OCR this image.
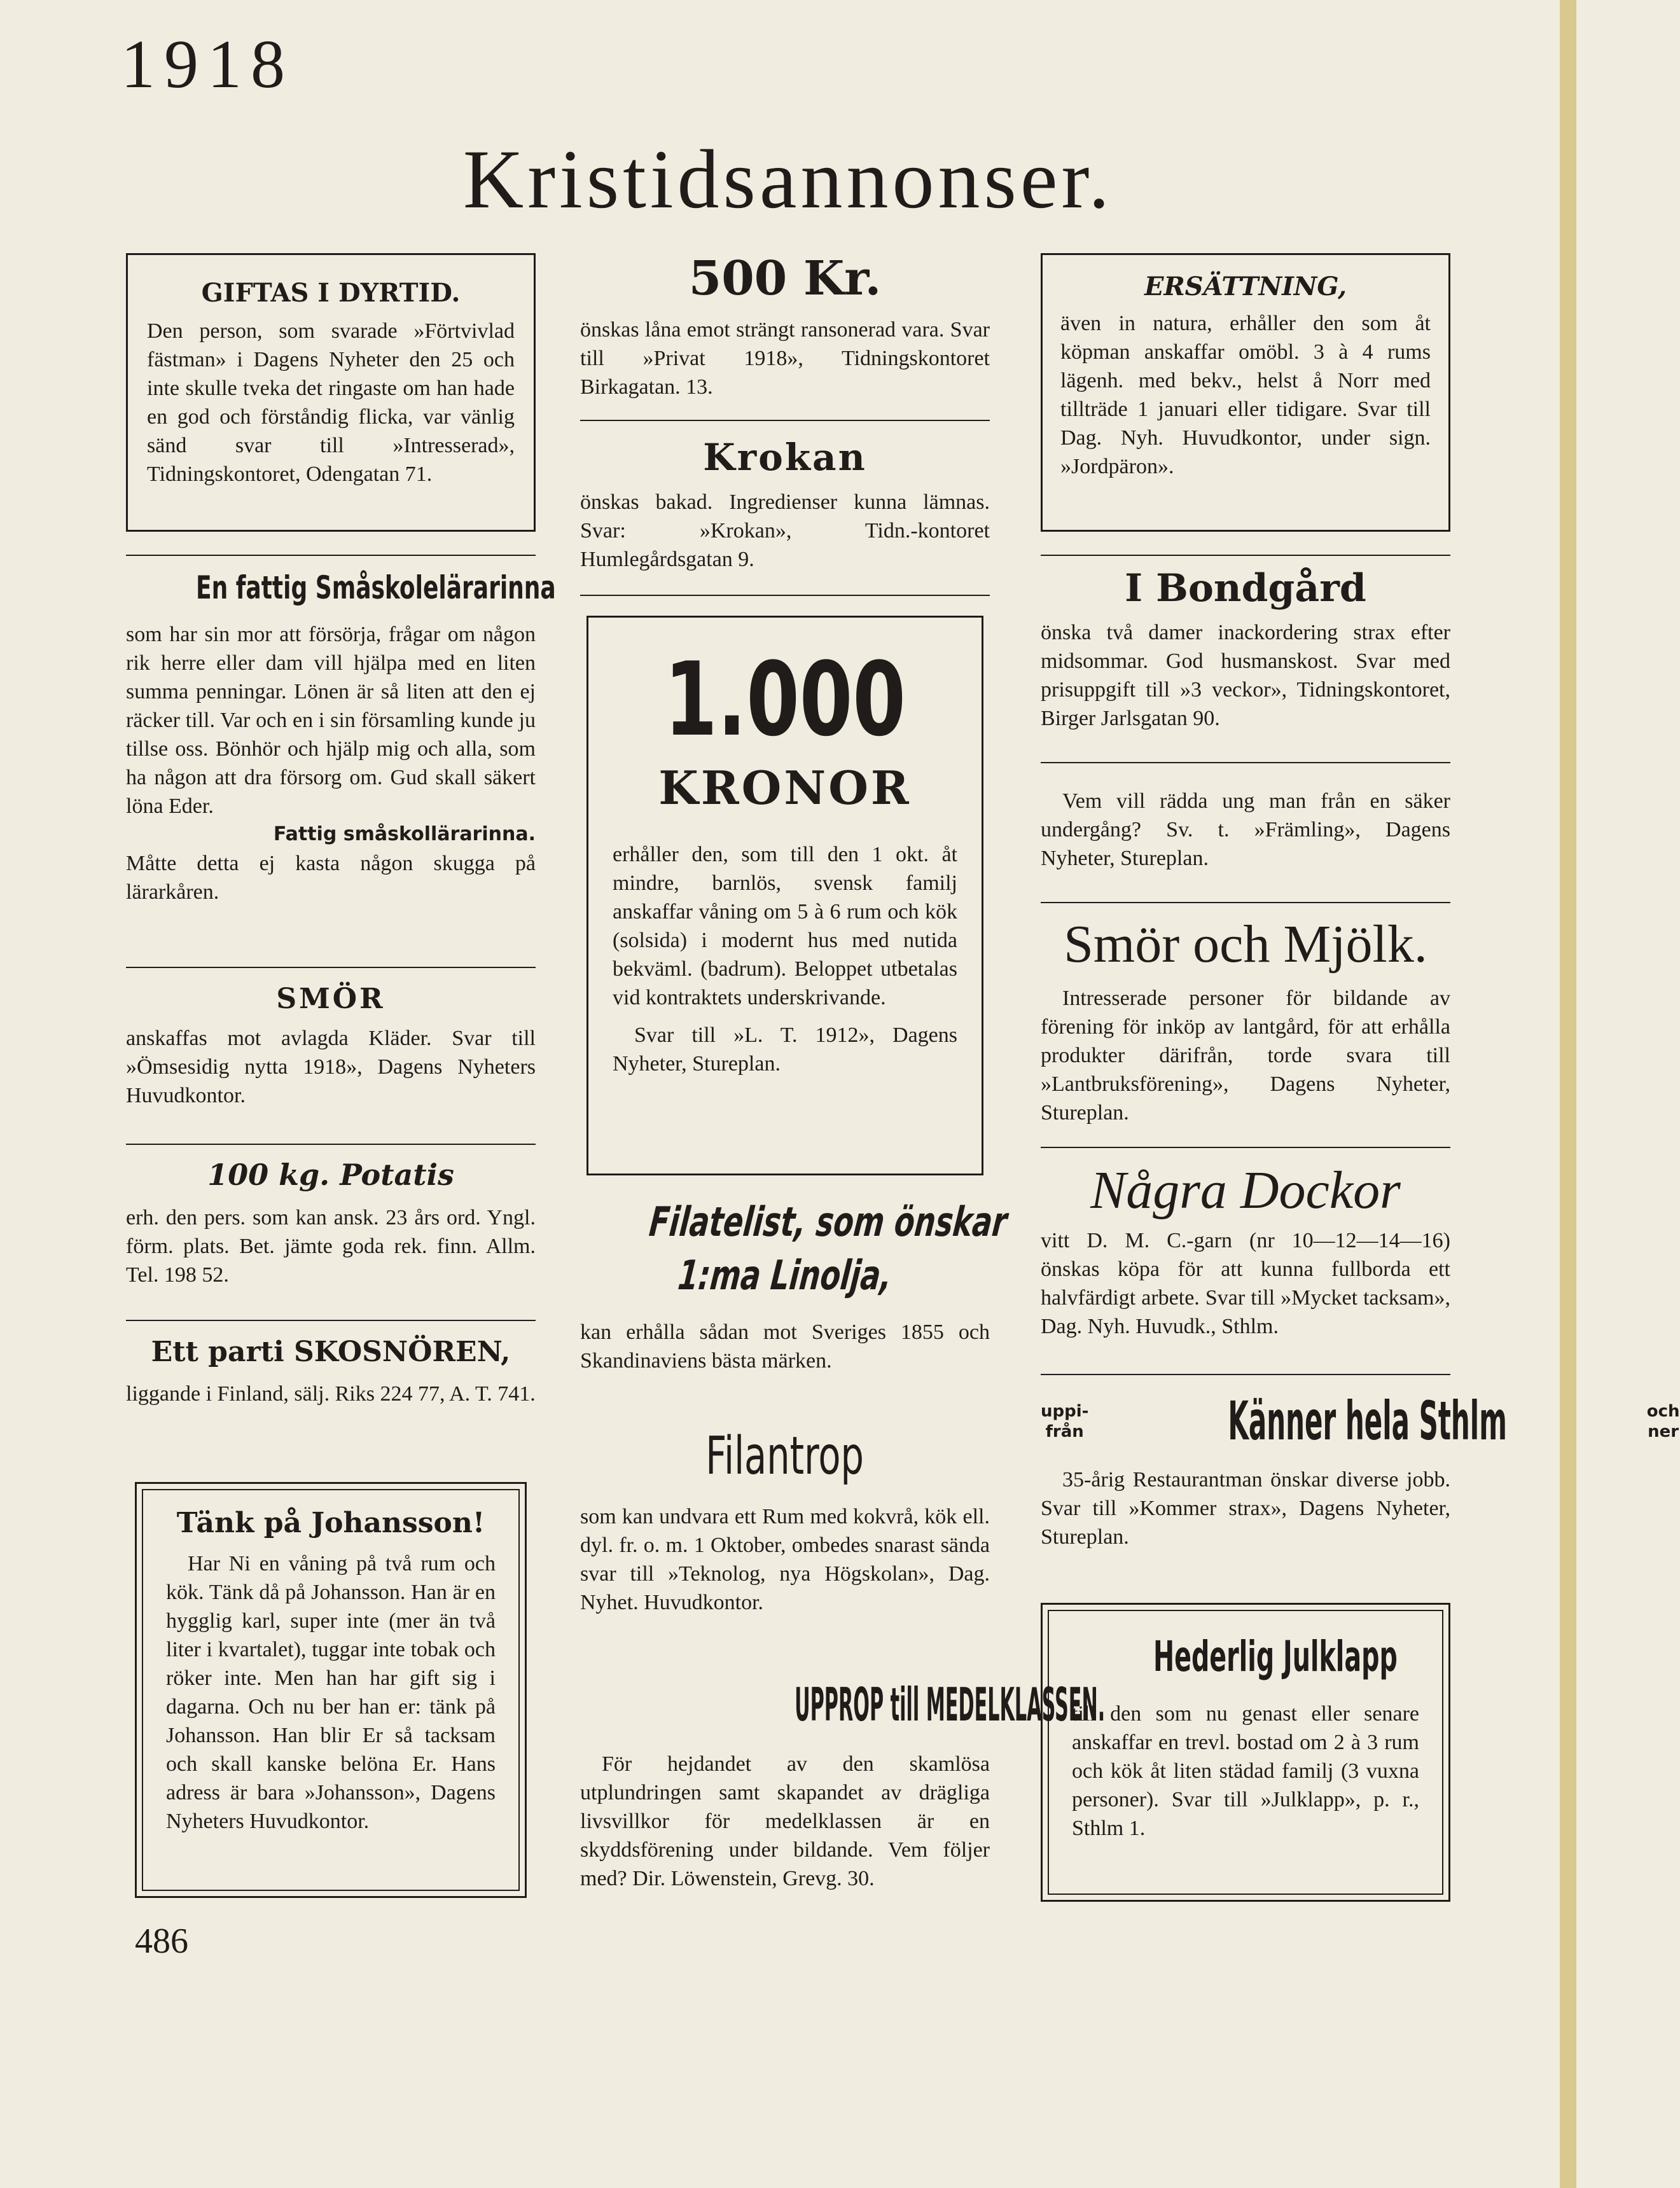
1918
Kristidsannonser.
GIFTAS I DYRTID.

Den person, som svarade »Förtvivlad fästman» i Dagens Nyheter den 25 och inte skulle tveka det ringaste om han hade en god och förståndig flicka, var vänlig sänd svar till »Intresserad», Tidningskontoret, Odengatan 71.

En fattig Småskolelärarinna

som har sin mor att försörja, frågar om någon rik herre eller dam vill hjälpa med en liten summa penningar. Lönen är så liten att den ej räcker till. Var och en i sin församling kunde ju tillse oss. Bönhör och hjälp mig och alla, som ha någon att dra försorg om. Gud skall säkert löna Eder.

Fattig småskollärarinna.

Måtte detta ej kasta någon skugga på lärarkåren.

SMÖR

anskaffas mot avlagda Kläder. Svar till »Ömsesidig nytta 1918», Dagens Nyheters Huvudkontor.

100 kg. Potatis

erh. den pers. som kan ansk. 23 års ord. Yngl. förm. plats. Bet. jämte goda rek. finn. Allm. Tel. 198 52.

Ett parti SKOSNÖREN,

liggande i Finland, sälj. Riks 224 77, A. T. 741.

Tänk på Johansson!

Har Ni en våning på två rum och kök. Tänk då på Johansson. Han är en hygglig karl, super inte (mer än två liter i kvartalet), tuggar inte tobak och röker inte. Men han har gift sig i dagarna. Och nu ber han er: tänk på Johansson. Han blir Er så tacksam och skall kanske belöna Er. Hans adress är bara »Johansson», Dagens Nyheters Huvudkontor.

486
500 Kr.

önskas låna emot strängt ransonerad vara. Svar till »Privat 1918», Tidningskontoret Birkagatan. 13.

Krokan

önskas bakad. Ingredienser kunna lämnas. Svar: »Krokan», Tidn.-kontoret Humlegårdsgatan 9.

1.000
KRONOR

erhåller den, som till den 1 okt. åt mindre, barnlös, svensk familj anskaffar våning om 5 à 6 rum och kök (solsida) i modernt hus med nutida bekväml. (badrum). Beloppet utbetalas vid kontraktets underskrivande.

Svar till »L. T. 1912», Dagens Nyheter, Stureplan.

Filatelist, som önskar
1:ma Linolja,

kan erhålla sådan mot Sveriges 1855 och Skandinaviens bästa märken.

Filantrop

som kan undvara ett Rum med kokvrå, kök ell. dyl. fr. o. m. 1 Oktober, ombedes snarast sända svar till »Teknolog, nya Högskolan», Dag. Nyhet. Huvudkontor.

UPPROP till MEDELKLASSEN.

För hejdandet av den skamlösa utplundringen samt skapandet av drägliga livsvillkor för medelklassen är en skyddsförening under bildande. Vem följer med? Dir. Löwenstein, Grevg. 30.

ERSÄTTNING,

även in natura, erhåller den som åt köpman anskaffar omöbl. 3 à 4 rums lägenh. med bekv., helst å Norr med tillträde 1 januari eller tidigare. Svar till Dag. Nyh. Huvudkontor, under sign. »Jordpäron».

I Bondgård

önska två damer inackordering strax efter midsommar. God husmanskost. Svar med prisuppgift till »3 veckor», Tidningskontoret, Birger Jarlsgatan 90.

Vem vill rädda ung man från en säker undergång? Sv. t. »Främling», Dagens Nyheter, Stureplan.

Smör och Mjölk.

Intresserade personer för bildande av förening för inköp av lantgård, för att erhålla produkter därifrån, torde svara till »Lantbruksförening», Dagens Nyheter, Stureplan.

Några Dockor

vitt D. M. C.-garn (nr 10—12—14—16) önskas köpa för att kunna fullborda ett halvfärdigt arbete. Svar till »Mycket tacksam», Dag. Nyh. Huvudk., Sthlm.

uppi-
från	Känner hela Sthlm	och
ner

35-årig Restaurantman önskar diverse jobb. Svar till »Kommer strax», Dagens Nyheter, Stureplan.

Hederlig Julklapp

till den som nu genast eller senare anskaffar en trevl. bostad om 2 à 3 rum och kök åt liten städad familj (3 vuxna personer). Svar till »Julklapp», p. r., Sthlm 1.
